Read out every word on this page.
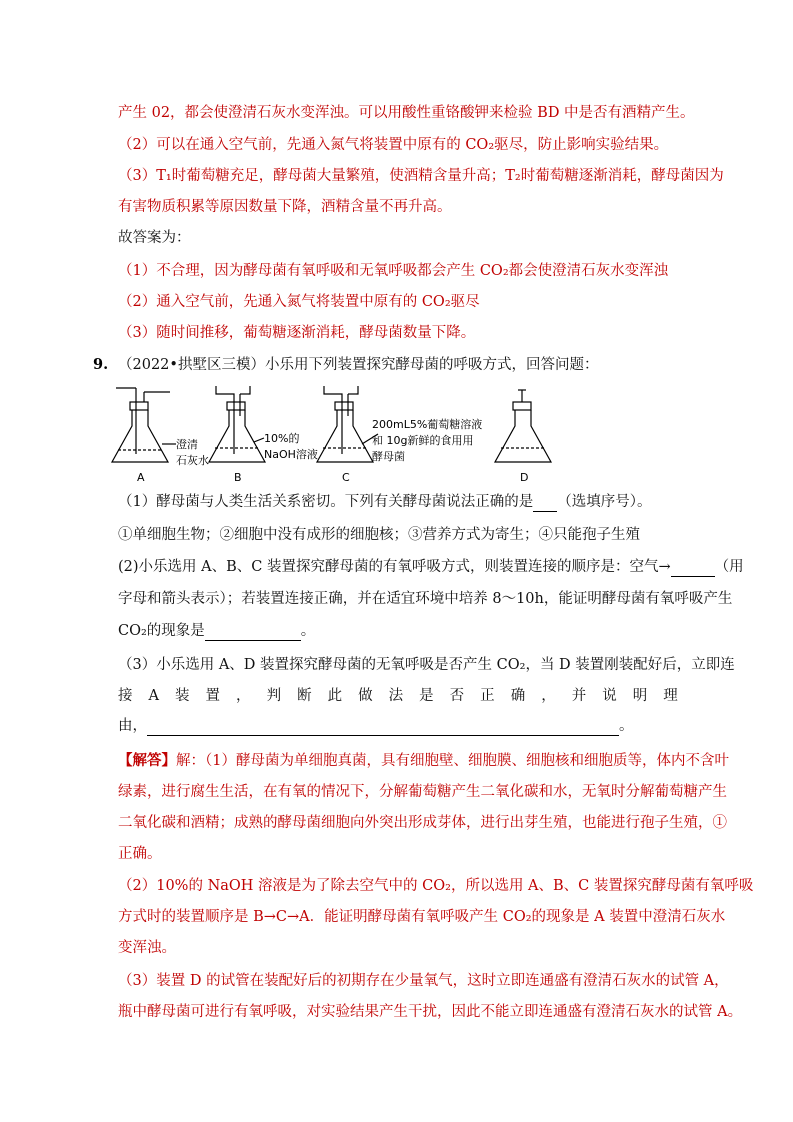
产生 02，都会使澄清石灰水变浑浊。可以用酸性重铬酸钾来检验 BD 中是否有酒精产生。
（2）可以在通入空气前，先通入氮气将装置中原有的 CO₂驱尽，防止影响实验结果。
（3）T₁时葡萄糖充足，酵母菌大量繁殖，使酒精含量升高；T₂时葡萄糖逐渐消耗，酵母菌因为
有害物质积累等原因数量下降，酒精含量不再升高。
故答案为：
（1）不合理，因为酵母菌有氧呼吸和无氧呼吸都会产生 CO₂都会使澄清石灰水变浑浊
（2）通入空气前，先通入氮气将装置中原有的 CO₂驱尽
（3）随时间推移，葡萄糖逐渐消耗，酵母菌数量下降。
9. （2022•拱墅区三模）小乐用下列装置探究酵母菌的呼吸方式，回答问题：
A	B	C	D
澄清
石灰水
10%的
NaOH溶液
200mL5%葡萄糖溶液
和 10g新鲜的食用用
酵母菌
（1）酵母菌与人类生活关系密切。下列有关酵母菌说法正确的是 （选填序号）。
①单细胞生物；②细胞中没有成形的细胞核；③营养方式为寄生；④只能孢子生殖
(2)小乐选用 A、B、C 装置探究酵母菌的有氧呼吸方式，则装置连接的顺序是：空气→	（用
字母和箭头表示）；若装置连接正确，并在适宜环境中培养 8～10h，能证明酵母菌有氧呼吸产生
CO₂的现象是	。
（3）小乐选用 A、D 装置探究酵母菌的无氧呼吸是否产生 CO₂，当 D 装置刚装配好后，立即连
接 A 装 置 ， 判 断 此 做 法 是 否 正 确 ， 并 说 明 理
由，	。
【解答】解：（1）酵母菌为单细胞真菌，具有细胞壁、细胞膜、细胞核和细胞质等，体内不含叶
绿素，进行腐生生活，在有氧的情况下，分解葡萄糖产生二氧化碳和水，无氧时分解葡萄糖产生
二氧化碳和酒精；成熟的酵母菌细胞向外突出形成芽体，进行出芽生殖，也能进行孢子生殖，①
正确。
（2）10%的 NaOH 溶液是为了除去空气中的 CO₂，所以选用 A、B、C 装置探究酵母菌有氧呼吸
方式时的装置顺序是 B→C→A．能证明酵母菌有氧呼吸产生 CO₂的现象是 A 装置中澄清石灰水
变浑浊。
（3）装置 D 的试管在装配好后的初期存在少量氧气，这时立即连通盛有澄清石灰水的试管 A，
瓶中酵母菌可进行有氧呼吸，对实验结果产生干扰，因此不能立即连通盛有澄清石灰水的试管 A。
